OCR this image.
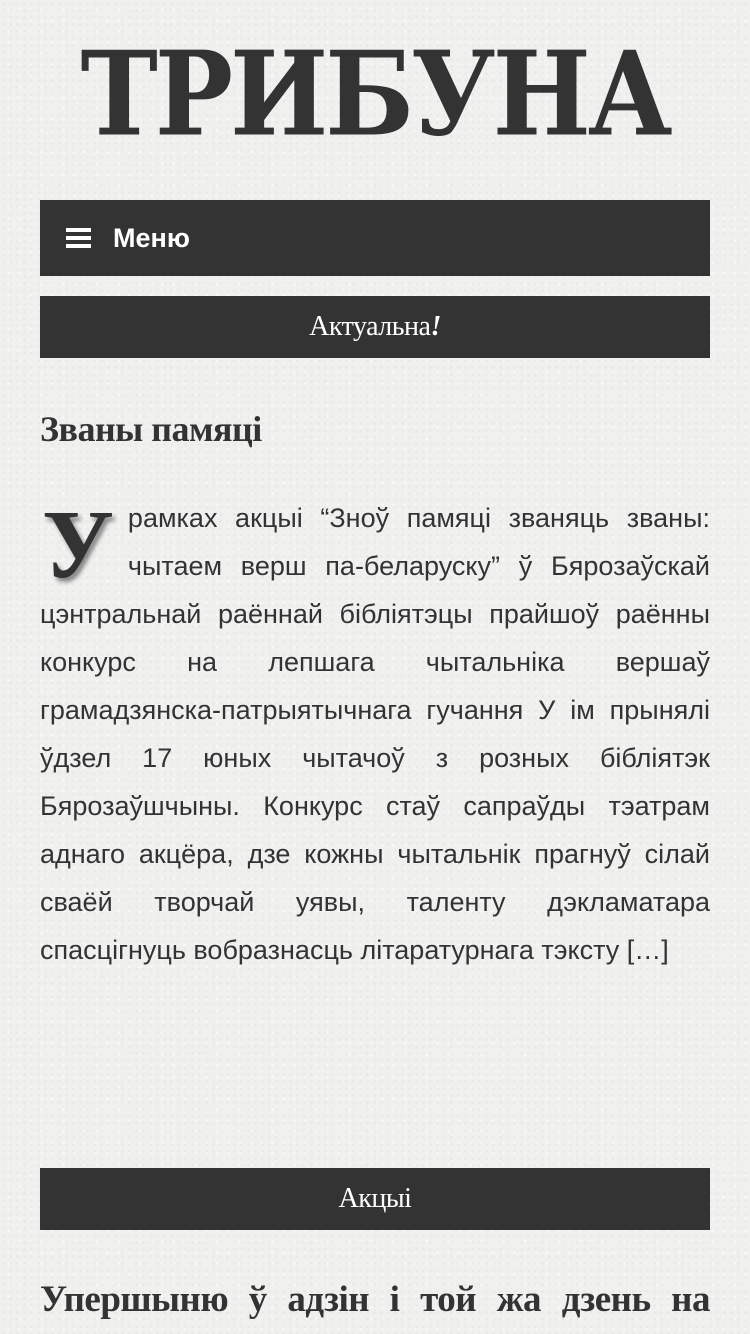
ТРИБУНА
Меню
Актуальна !
Званы памяці

Урамках акцыі “Зноў памяці званяць званы: чытаем верш па-беларуску” ў Бярозаўскай цэнтральнай раённай бібліятэцы прайшоў раённы конкурс на лепшага чытальніка вершаў грамадзянска-патрыятычнага гучання У ім прынялі ўдзел 17 юных чытачоў з розных бібліятэк Бярозаўшчыны. Конкурс стаў сапраўды тэатрам аднаго акцёра, дзе кожны чытальнік прагнуў сілай сваёй творчай уявы, таленту дэкламатара спасцігнуць вобразнасць літаратурнага тэксту […]

Акцыі
Упершыню ў адзін і той жа дзень на
